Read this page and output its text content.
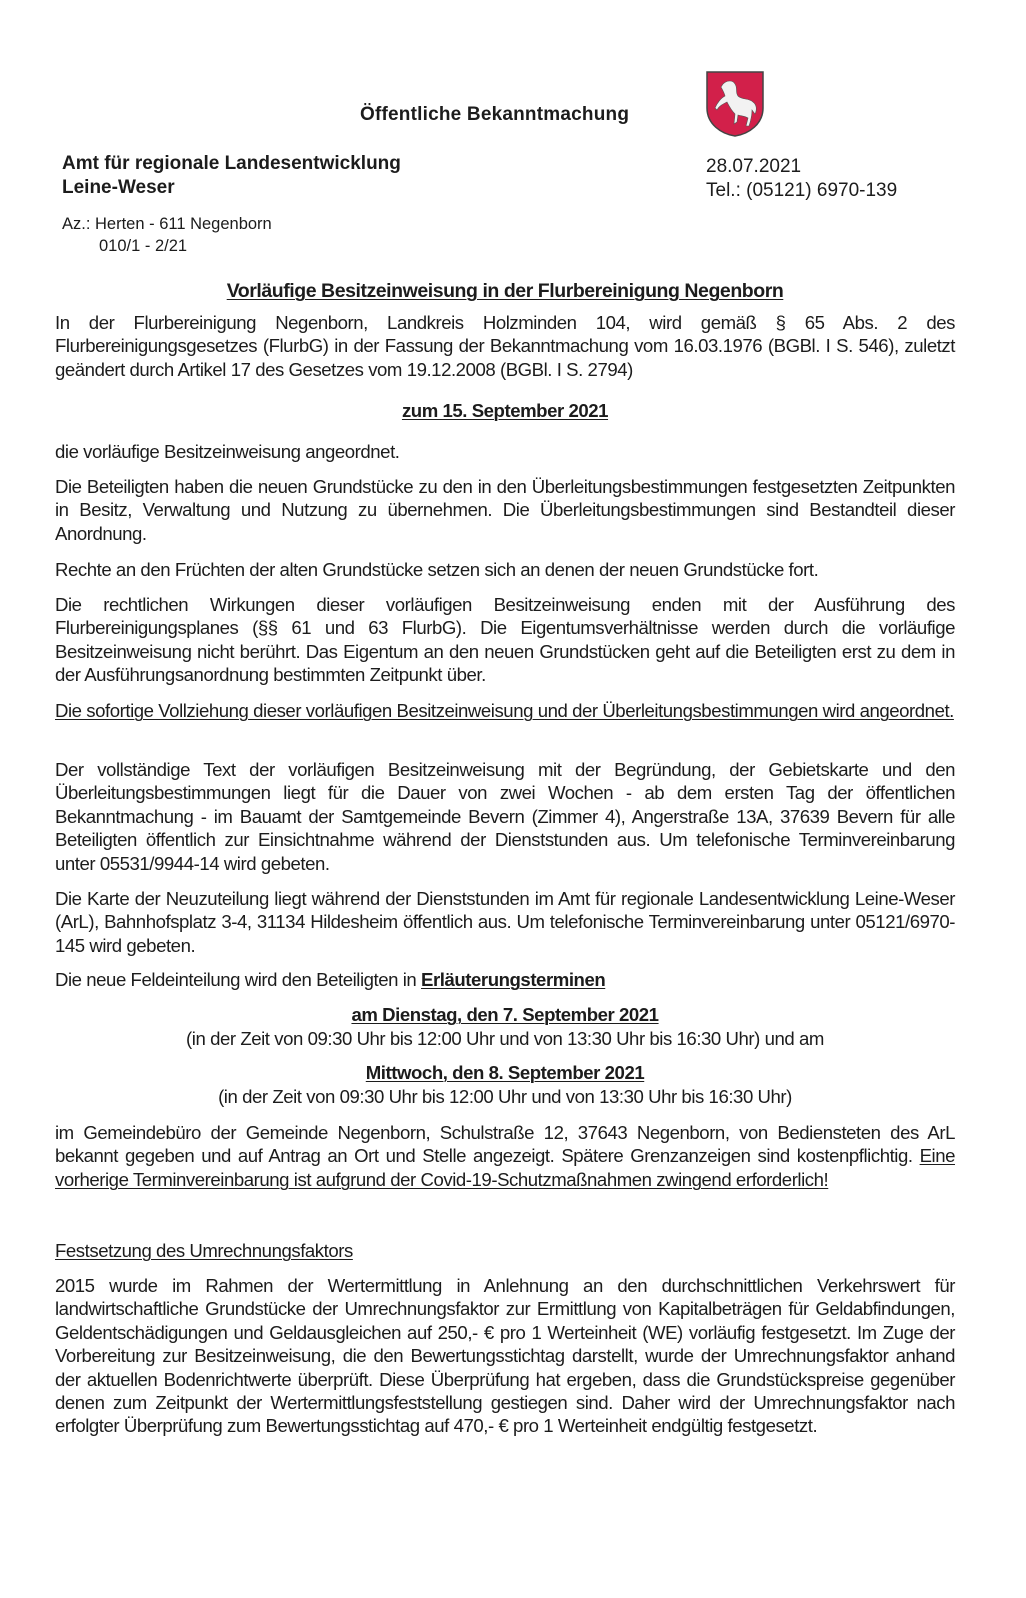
Öffentliche Bekanntmachung
Amt für regionale Landesentwicklung
Leine-Weser
Az.: Herten - 611 Negenborn
010/1 - 2/21
28.07.2021
Tel.: (05121) 6970-139
Vorläufige Besitzeinweisung in der Flurbereinigung Negenborn
In der Flurbereinigung Negenborn, Landkreis Holzminden 104, wird gemäß § 65 Abs. 2 des Flurbereinigungsgesetzes (FlurbG) in der Fassung der Bekanntmachung vom 16.03.1976 (BGBl. I S. 546), zuletzt geändert durch Artikel 17 des Gesetzes vom 19.12.2008 (BGBl. I S. 2794)
zum 15. September 2021
die vorläufige Besitzeinweisung angeordnet.
Die Beteiligten haben die neuen Grundstücke zu den in den Überleitungsbestimmungen festgesetzten Zeitpunkten in Besitz, Verwaltung und Nutzung zu übernehmen. Die Überleitungsbestimmungen sind Bestandteil dieser Anordnung.
Rechte an den Früchten der alten Grundstücke setzen sich an denen der neuen Grundstücke fort.
Die rechtlichen Wirkungen dieser vorläufigen Besitzeinweisung enden mit der Ausführung des Flurbereinigungsplanes (§§ 61 und 63 FlurbG). Die Eigentumsverhältnisse werden durch die vorläufige Besitzeinweisung nicht berührt. Das Eigentum an den neuen Grundstücken geht auf die Beteiligten erst zu dem in der Ausführungsanordnung bestimmten Zeitpunkt über.
Die sofortige Vollziehung dieser vorläufigen Besitzeinweisung und der Überleitungsbestimmungen wird angeordnet.
Der vollständige Text der vorläufigen Besitzeinweisung mit der Begründung, der Gebietskarte und den Überleitungsbestimmungen liegt für die Dauer von zwei Wochen - ab dem ersten Tag der öffentlichen Bekanntmachung - im Bauamt der Samtgemeinde Bevern (Zimmer 4), Angerstraße 13A, 37639 Bevern für alle Beteiligten öffentlich zur Einsichtnahme während der Dienststunden aus. Um telefonische Terminvereinbarung unter 05531/9944-14 wird gebeten.
Die Karte der Neuzuteilung liegt während der Dienststunden im Amt für regionale Landesentwicklung Leine-Weser (ArL), Bahnhofsplatz 3-4, 31134 Hildesheim öffentlich aus. Um telefonische Terminvereinbarung unter 05121/6970-145 wird gebeten.
Die neue Feldeinteilung wird den Beteiligten in Erläuterungsterminen
am Dienstag, den 7. September 2021
(in der Zeit von 09:30 Uhr bis 12:00 Uhr und von 13:30 Uhr bis 16:30 Uhr) und am
Mittwoch, den 8. September 2021
(in der Zeit von 09:30 Uhr bis 12:00 Uhr und von 13:30 Uhr bis 16:30 Uhr)
im Gemeindebüro der Gemeinde Negenborn, Schulstraße 12, 37643 Negenborn, von Bediensteten des ArL bekannt gegeben und auf Antrag an Ort und Stelle angezeigt. Spätere Grenzanzeigen sind kostenpflichtig. Eine vorherige Terminvereinbarung ist aufgrund der Covid-19-Schutzmaßnahmen zwingend erforderlich!
Festsetzung des Umrechnungsfaktors
2015 wurde im Rahmen der Wertermittlung in Anlehnung an den durchschnittlichen Verkehrswert für landwirtschaftliche Grundstücke der Umrechnungsfaktor zur Ermittlung von Kapitalbeträgen für Geldabfindungen, Geldentschädigungen und Geldausgleichen auf 250,- € pro 1 Werteinheit (WE) vorläufig festgesetzt. Im Zuge der Vorbereitung zur Besitzeinweisung, die den Bewertungsstichtag darstellt, wurde der Umrechnungsfaktor anhand der aktuellen Bodenrichtwerte überprüft. Diese Überprüfung hat ergeben, dass die Grundstückspreise gegenüber denen zum Zeitpunkt der Wertermittlungsfeststellung gestiegen sind. Daher wird der Umrechnungsfaktor nach erfolgter Überprüfung zum Bewertungsstichtag auf 470,- € pro 1 Werteinheit endgültig festgesetzt.
